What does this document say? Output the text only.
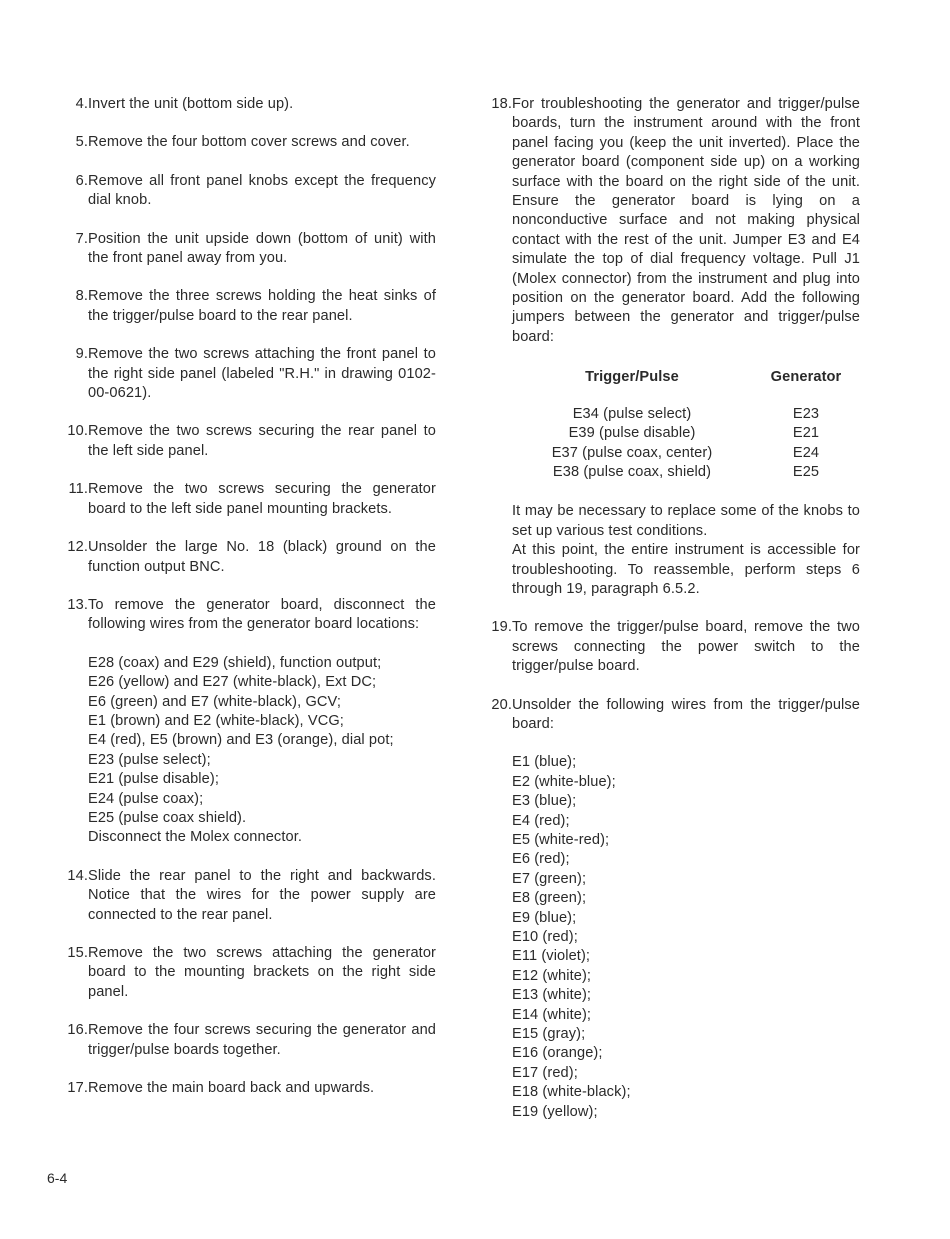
4. Invert the unit (bottom side up).

5. Remove the four bottom cover screws and cover.

6. Remove all front panel knobs except the frequency dial knob.

7. Position the unit upside down (bottom of unit) with the front panel away from you.

8. Remove the three screws holding the heat sinks of the trigger/pulse board to the rear panel.

9. Remove the two screws attaching the front panel to the right side panel (labeled "R.H." in drawing 0102-00-0621).

10. Remove the two screws securing the rear panel to the left side panel.

11. Remove the two screws securing the generator board to the left side panel mounting brackets.

12. Unsolder the large No. 18 (black) ground on the function output BNC.

13. To remove the generator board, disconnect the following wires from the generator board locations:

E28 (coax) and E29 (shield), function output;
E26 (yellow) and E27 (white-black), Ext DC;
E6 (green) and E7 (white-black), GCV;
E1 (brown) and E2 (white-black), VCG;
E4 (red), E5 (brown) and E3 (orange), dial pot;
E23 (pulse select);
E21 (pulse disable);
E24 (pulse coax);
E25 (pulse coax shield).

Disconnect the Molex connector.

14. Slide the rear panel to the right and backwards. Notice that the wires for the power supply are connected to the rear panel.

15. Remove the two screws attaching the generator board to the mounting brackets on the right side panel.

16. Remove the four screws securing the generator and trigger/pulse boards together.

17. Remove the main board back and upwards.

18. For troubleshooting the generator and trigger/pulse boards, turn the instrument around with the front panel facing you (keep the unit inverted). Place the generator board (component side up) on a working surface with the board on the right side of the unit. Ensure the generator board is lying on a nonconductive surface and not making physical contact with the rest of the unit. Jumper E3 and E4 simulate the top of dial frequency voltage. Pull J1 (Molex connector) from the instrument and plug into position on the generator board. Add the following jumpers between the generator and trigger/pulse board:

Trigger/Pulse	Generator
E34 (pulse select)	E23
E39 (pulse disable)	E21
E37 (pulse coax, center)	E24
E38 (pulse coax, shield)	E25

It may be necessary to replace some of the knobs to set up various test conditions.

At this point, the entire instrument is accessible for troubleshooting. To reassemble, perform steps 6 through 19, paragraph 6.5.2.

19. To remove the trigger/pulse board, remove the two screws connecting the power switch to the trigger/pulse board.

20. Unsolder the following wires from the trigger/pulse board:

E1 (blue);
E2 (white-blue);
E3 (blue);
E4 (red);
E5 (white-red);
E6 (red);
E7 (green);
E8 (green);
E9 (blue);
E10 (red);
E11 (violet);
E12 (white);
E13 (white);
E14 (white);
E15 (gray);
E16 (orange);
E17 (red);
E18 (white-black);
E19 (yellow);
6-4
